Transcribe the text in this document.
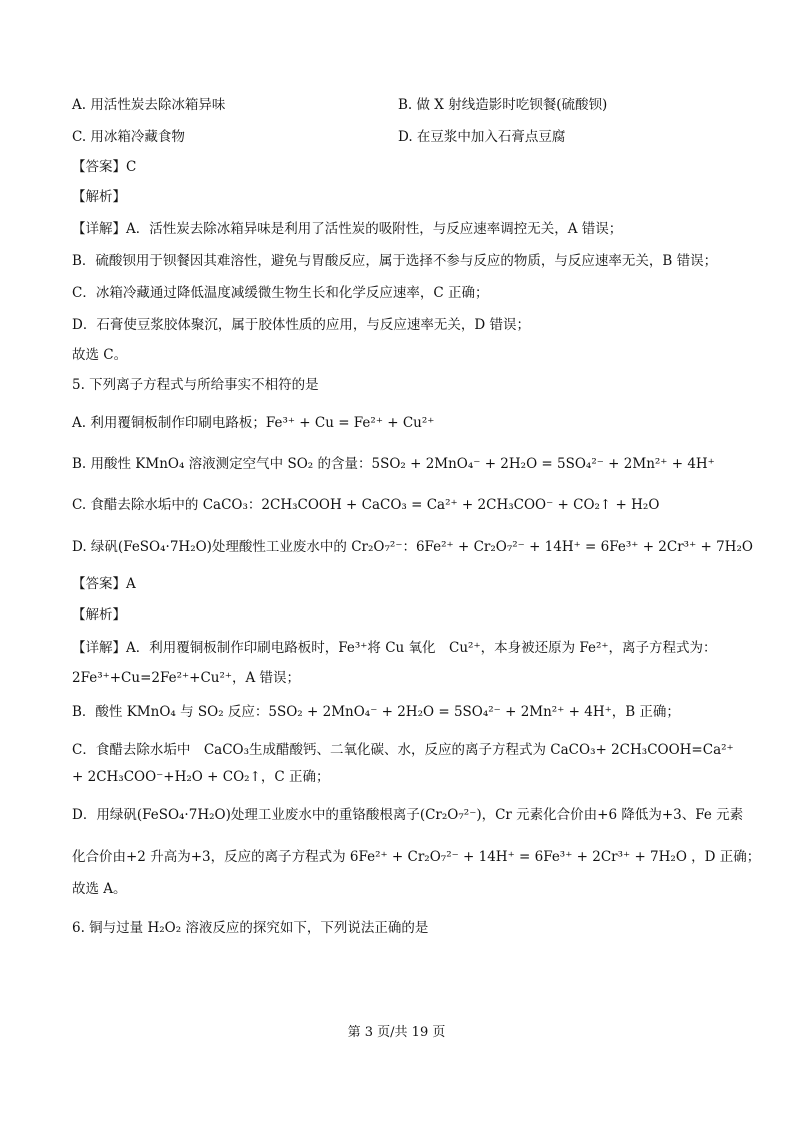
A. 用活性炭去除冰箱异味	B. 做 X 射线造影时吃钡餐(硫酸钡)
C. 用冰箱冷藏食物	D. 在豆浆中加入石膏点豆腐
【答案】C
【解析】
【详解】A．活性炭去除冰箱异味是利用了活性炭的吸附性，与反应速率调控无关，A 错误；
B．硫酸钡用于钡餐因其难溶性，避免与胃酸反应，属于选择不参与反应的物质，与反应速率无关，B 错误；
C．冰箱冷藏通过降低温度减缓微生物生长和化学反应速率，C 正确；
D．石膏使豆浆胶体聚沉，属于胶体性质的应用，与反应速率无关，D 错误；
故选 C。
5. 下列离子方程式与所给事实不相符的是
A. 利用覆铜板制作印刷电路板；Fe³⁺ + Cu = Fe²⁺ + Cu²⁺
B. 用酸性 KMnO₄ 溶液测定空气中 SO₂ 的含量：5SO₂ + 2MnO₄⁻ + 2H₂O = 5SO₄²⁻ + 2Mn²⁺ + 4H⁺
C. 食醋去除水垢中的 CaCO₃：2CH₃COOH + CaCO₃ = Ca²⁺ + 2CH₃COO⁻ + CO₂↑ + H₂O
D. 绿矾(FeSO₄·7H₂O)处理酸性工业废水中的 Cr₂O₇²⁻：6Fe²⁺ + Cr₂O₇²⁻ + 14H⁺ = 6Fe³⁺ + 2Cr³⁺ + 7H₂O
【答案】A
【解析】
【详解】A．利用覆铜板制作印刷电路板时，Fe³⁺将 Cu 氧化　Cu²⁺，本身被还原为 Fe²⁺，离子方程式为：
2Fe³⁺+Cu=2Fe²⁺+Cu²⁺，A 错误；
B．酸性 KMnO₄ 与 SO₂ 反应：5SO₂ + 2MnO₄⁻ + 2H₂O = 5SO₄²⁻ + 2Mn²⁺ + 4H⁺，B 正确；
C．食醋去除水垢中　CaCO₃生成醋酸钙、二氧化碳、水，反应的离子方程式为 CaCO₃+ 2CH₃COOH=Ca²⁺
+ 2CH₃COO⁻+H₂O + CO₂↑，C 正确；
D．用绿矾(FeSO₄·7H₂O)处理工业废水中的重铬酸根离子(Cr₂O₇²⁻)，Cr 元素化合价由+6 降低为+3、Fe 元素
化合价由+2 升高为+3，反应的离子方程式为 6Fe²⁺ + Cr₂O₇²⁻ + 14H⁺ = 6Fe³⁺ + 2Cr³⁺ + 7H₂O ，D 正确；
故选 A。
6. 铜与过量 H₂O₂ 溶液反应的探究如下，下列说法正确的是
第 3 页/共 19 页
